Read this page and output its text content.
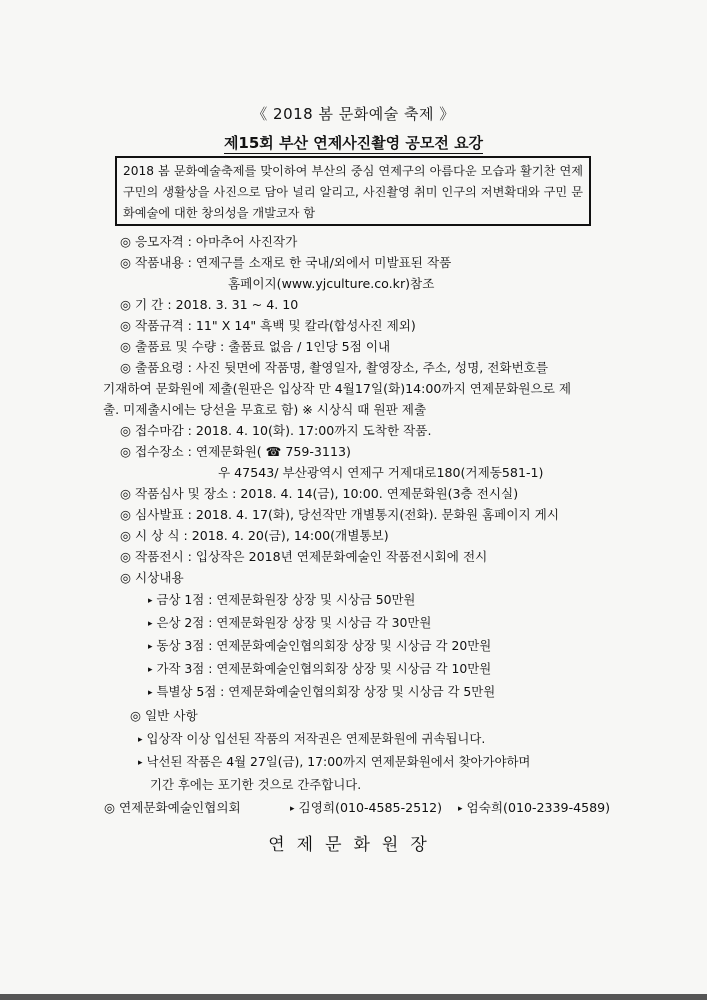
《 2018 봄 문화예술 축제 》
제15회 부산 연제사진촬영 공모전 요강
2018 봄 문화예술축제를 맞이하여 부산의 중심 연제구의 아름다운 모습과 활기찬 연제구민의 생활상을 사진으로 담아 널리 알리고, 사진촬영 취미 인구의 저변확대와 구민 문화예술에 대한 창의성을 개발코자 함
◎ 응모자격 : 아마추어 사진작가
◎ 작품내용 : 연제구를 소재로 한 국내/외에서 미발표된 작품
홈페이지(www.yjculture.co.kr)참조
◎ 기 간 : 2018. 3. 31 ~ 4. 10
◎ 작품규격 : 11" X 14" 흑백 및 칼라(합성사진 제외)
◎ 출품료 및 수량 : 출품료 없음 / 1인당 5점 이내
◎ 출품요령 : 사진 뒷면에 작품명, 촬영일자, 촬영장소, 주소, 성명, 전화번호를
기재하여 문화원에 제출(원판은 입상작 만 4월17일(화)14:00까지 연제문화원으로 제
출. 미제출시에는 당선을 무효로 함) ※ 시상식 때 원판 제출
◎ 접수마감 : 2018. 4. 10(화). 17:00까지 도착한 작품.
◎ 접수장소 : 연제문화원( ☎ 759-3113)
우 47543/ 부산광역시 연제구 거제대로180(거제동581-1)
◎ 작품심사 및 장소 : 2018. 4. 14(금), 10:00. 연제문화원(3층 전시실)
◎ 심사발표 : 2018. 4. 17(화), 당선작만 개별통지(전화). 문화원 홈페이지 게시
◎ 시 상 식 : 2018. 4. 20(금), 14:00(개별통보)
◎ 작품전시 : 입상작은 2018년 연제문화예술인 작품전시회에 전시
◎ 시상내용
▸ 금상 1점 : 연제문화원장 상장 및 시상금 50만원
▸ 은상 2점 : 연제문화원장 상장 및 시상금 각 30만원
▸ 동상 3점 : 연제문화예술인협의회장 상장 및 시상금 각 20만원
▸ 가작 3점 : 연제문화예술인협의회장 상장 및 시상금 각 10만원
▸ 특별상 5점 : 연제문화예술인협의회장 상장 및 시상금 각 5만원
◎ 일반 사항
▸ 입상작 이상 입선된 작품의 저작권은 연제문화원에 귀속됩니다.
▸ 낙선된 작품은 4월 27일(금), 17:00까지 연제문화원에서 찾아가야하며
기간 후에는 포기한 것으로 간주합니다.
◎ 연제문화예술인협의회	▸ 김영희(010-4585-2512) ▸ 엄숙희(010-2339-4589)
연제문화원장
